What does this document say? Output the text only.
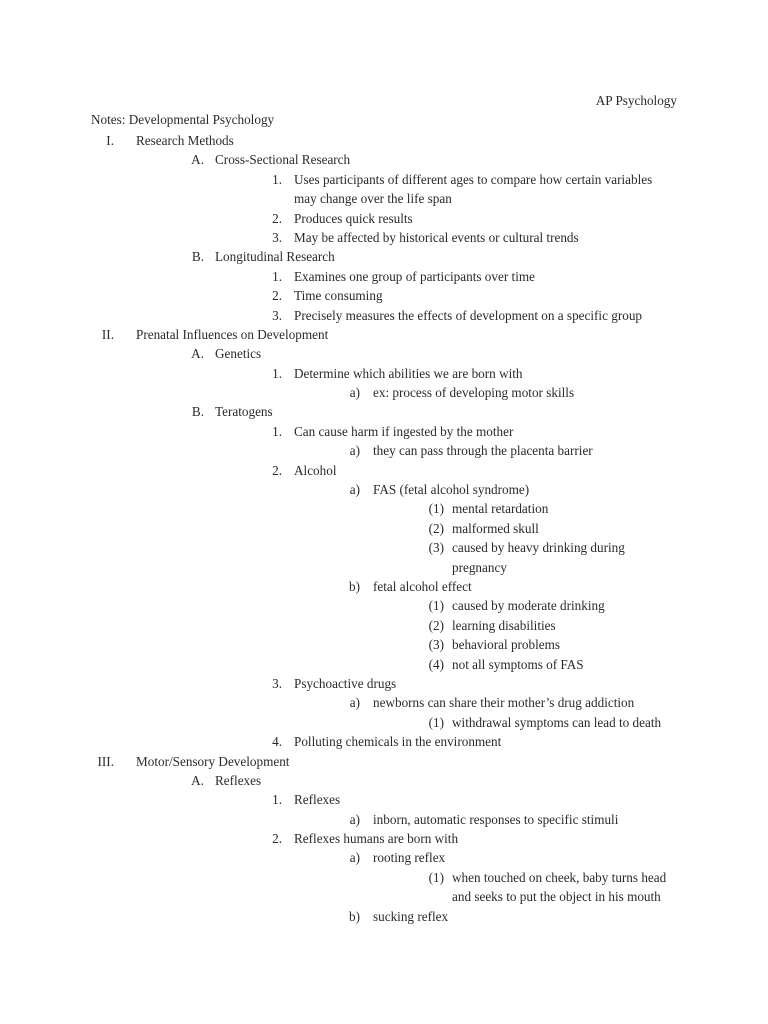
AP Psychology
Notes: Developmental Psychology
I. Research Methods
A. Cross-Sectional Research
1. Uses participants of different ages to compare how certain variables
may change over the life span
2. Produces quick results
3. May be affected by historical events or cultural trends
B. Longitudinal Research
1. Examines one group of participants over time
2. Time consuming
3. Precisely measures the effects of development on a specific group
II. Prenatal Influences on Development
A. Genetics
1. Determine which abilities we are born with
a) ex: process of developing motor skills
B. Teratogens
1. Can cause harm if ingested by the mother
a) they can pass through the placenta barrier
2. Alcohol
a) FAS (fetal alcohol syndrome)
(1) mental retardation
(2) malformed skull
(3) caused by heavy drinking during
pregnancy
b) fetal alcohol effect
(1) caused by moderate drinking
(2) learning disabilities
(3) behavioral problems
(4) not all symptoms of FAS
3. Psychoactive drugs
a) newborns can share their mother’s drug addiction
(1) withdrawal symptoms can lead to death
4. Polluting chemicals in the environment
III. Motor/Sensory Development
A. Reflexes
1. Reflexes
a) inborn, automatic responses to specific stimuli
2. Reflexes humans are born with
a) rooting reflex
(1) when touched on cheek, baby turns head
and seeks to put the object in his mouth
b) sucking reflex
